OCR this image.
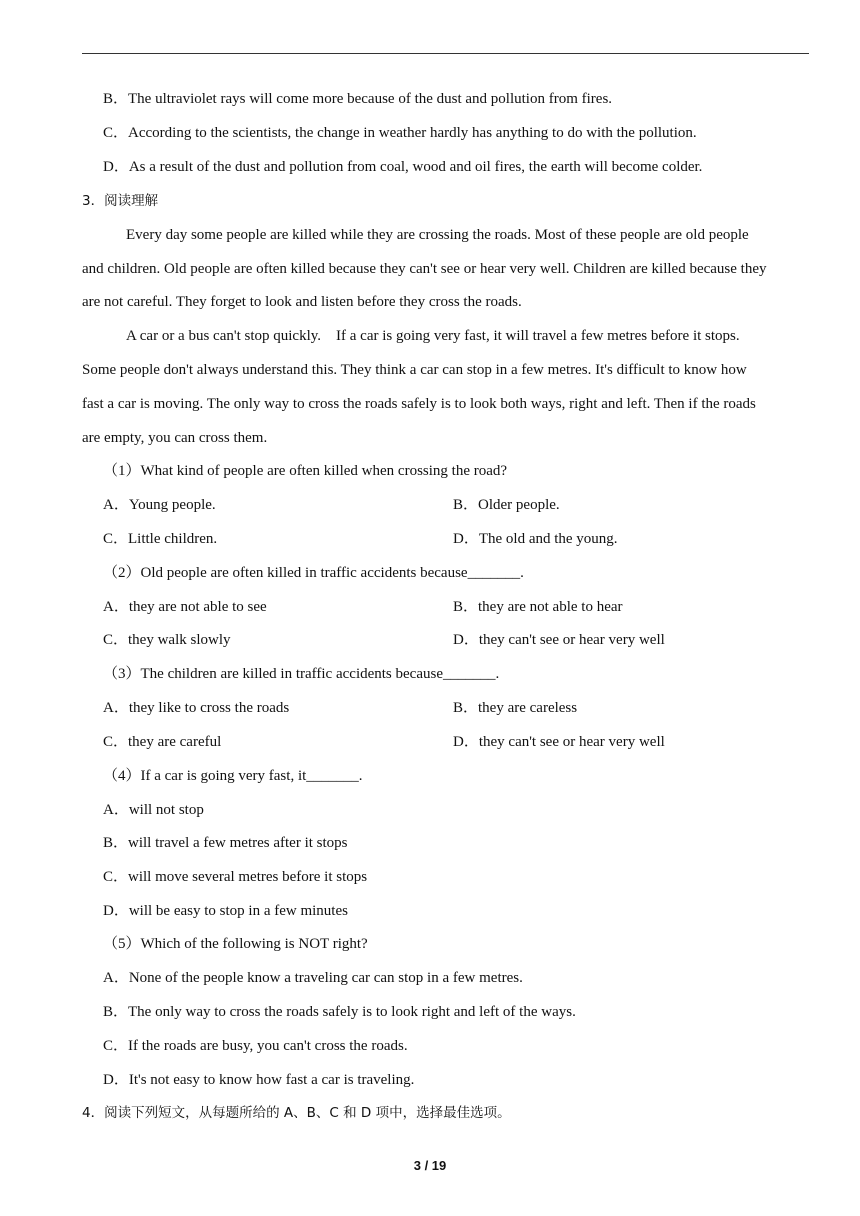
B．The ultraviolet rays will come more because of the dust and pollution from fires.
C．According to the scientists, the change in weather hardly has anything to do with the pollution.
D．As a result of the dust and pollution from coal, wood and oil fires, the earth will become colder.
3．阅读理解
Every day some people are killed while they are crossing the roads. Most of these people are old people
and children. Old people are often killed because they can't see or hear very well. Children are killed because they
are not careful. They forget to look and listen before they cross the roads.
A car or a bus can't stop quickly.    If a car is going very fast, it will travel a few metres before it stops.
Some people don't always understand this. They think a car can stop in a few metres. It's difficult to know how
fast a car is moving. The only way to cross the roads safely is to look both ways, right and left. Then if the roads
are empty, you can cross them.
（1）What kind of people are often killed when crossing the road?
A．Young people.	B．Older people.
C．Little children.	D．The old and the young.
（2）Old people are often killed in traffic accidents because_______.
A．they are not able to see	B．they are not able to hear
C．they walk slowly	D．they can't see or hear very well
（3）The children are killed in traffic accidents because_______.
A．they like to cross the roads	B．they are careless
C．they are careful	D．they can't see or hear very well
（4）If a car is going very fast, it_______.
A．will not stop
B．will travel a few metres after it stops
C．will move several metres before it stops
D．will be easy to stop in a few minutes
（5）Which of the following is NOT right?
A．None of the people know a traveling car can stop in a few metres.
B．The only way to cross the roads safely is to look right and left of the ways.
C．If the roads are busy, you can't cross the roads.
D．It's not easy to know how fast a car is traveling.
4．阅读下列短文，从每题所给的 A、B、C 和 D 项中，选择最佳选项。
3 / 19
